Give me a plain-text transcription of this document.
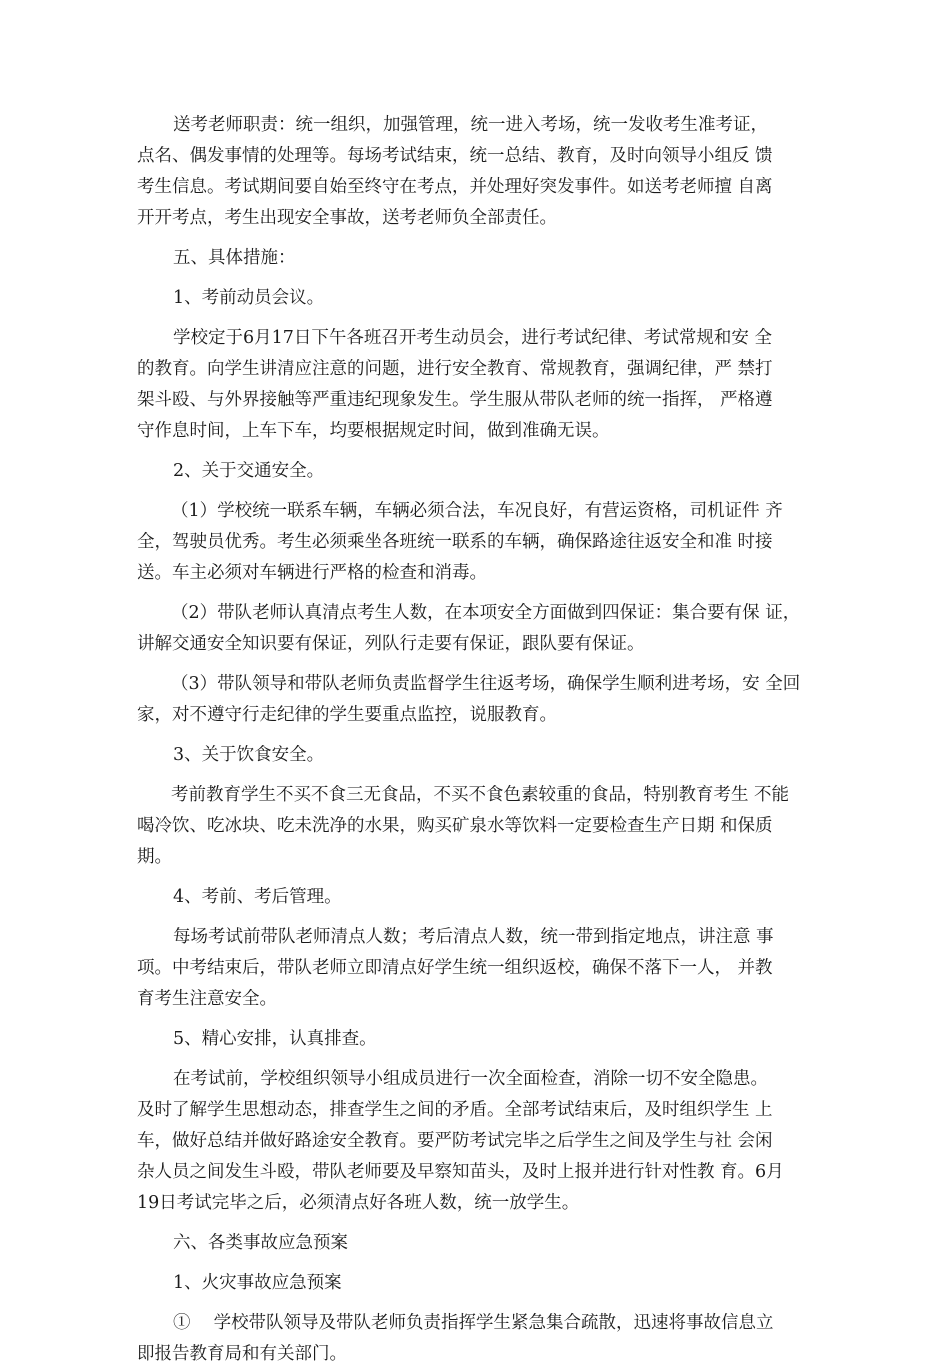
送考老师职责：统一组织，加强管理，统一进入考场，统一发收考生准考证，

点名、偶发事情的处理等。每场考试结束，统一总结、教育，及时向领导小组反 馈

考生信息。考试期间要自始至终守在考点，并处理好突发事件。如送考老师擅 自离

开开考点，考生出现安全事故，送考老师负全部责任。

五、具体措施：

1、考前动员会议。

学校定于6月17日下午各班召开考生动员会，进行考试纪律、考试常规和安 全

的教育。向学生讲清应注意的问题，进行安全教育、常规教育，强调纪律，严 禁打

架斗殴、与外界接触等严重违纪现象发生。学生服从带队老师的统一指挥， 严格遵

守作息时间，上车下车，均要根据规定时间，做到准确无误。

2、关于交通安全。

（1）学校统一联系车辆，车辆必须合法，车况良好，有营运资格，司机证件 齐

全，驾驶员优秀。考生必须乘坐各班统一联系的车辆，确保路途往返安全和准 时接

送。车主必须对车辆进行严格的检查和消毒。

（2）带队老师认真清点考生人数，在本项安全方面做到四保证：集合要有保 证，

讲解交通安全知识要有保证，列队行走要有保证，跟队要有保证。

（3）带队领导和带队老师负责监督学生往返考场，确保学生顺利进考场，安 全回

家，对不遵守行走纪律的学生要重点监控，说服教育。

3、关于饮食安全。

考前教育学生不买不食三无食品，不买不食色素较重的食品，特别教育考生 不能

喝冷饮、吃冰块、吃未洗净的水果，购买矿泉水等饮料一定要检查生产日期 和保质

期。

4、考前、考后管理。

每场考试前带队老师清点人数；考后清点人数，统一带到指定地点，讲注意 事

项。中考结束后，带队老师立即清点好学生统一组织返校，确保不落下一人， 并教

育考生注意安全。

5、精心安排，认真排查。

在考试前，学校组织领导小组成员进行一次全面检查，消除一切不安全隐患。

及时了解学生思想动态，排查学生之间的矛盾。全部考试结束后，及时组织学生 上

车，做好总结并做好路途安全教育。要严防考试完毕之后学生之间及学生与社 会闲

杂人员之间发生斗殴，带队老师要及早察知苗头，及时上报并进行针对性教 育。6月

19日考试完毕之后，必须清点好各班人数，统一放学生。

六、各类事故应急预案

1、火灾事故应急预案

①　 学校带队领导及带队老师负责指挥学生紧急集合疏散，迅速将事故信息立

即报告教育局和有关部门。
